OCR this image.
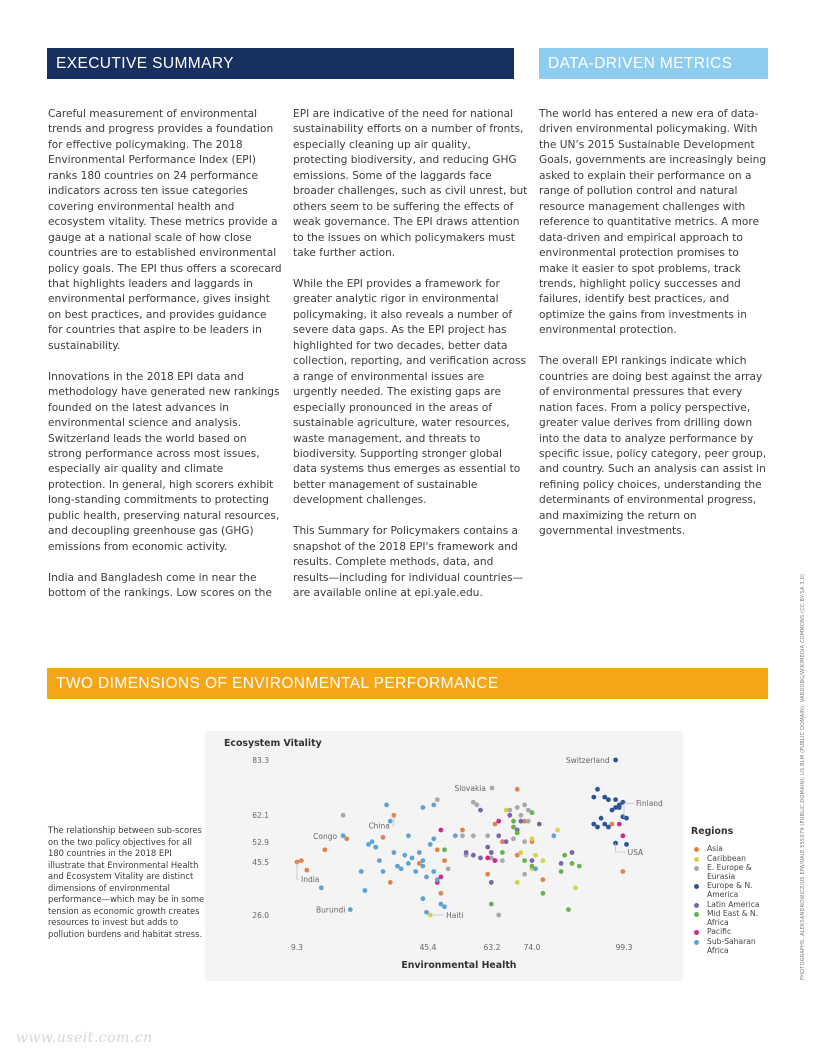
EXECUTIVE SUMMARY	DATA-DRIVEN METRICS

Careful measurement of environmental trends and progress provides a foundation for effective policymaking. The 2018 Environmental Performance Index (EPI) ranks 180 countries on 24 performance indicators across ten issue categories covering environmental health and ecosystem vitality. These metrics provide a gauge at a national scale of how close countries are to established environmental policy goals. The EPI thus offers a scorecard that highlights leaders and laggards in environmental performance, gives insight on best practices, and provides guidance for countries that aspire to be leaders in sustainability.

Innovations in the 2018 EPI data and methodology have generated new rankings founded on the latest advances in environmental science and analysis. Switzerland leads the world based on strong performance across most issues, especially air quality and climate protection. In general, high scorers exhibit long-standing commitments to protecting public health, preserving natural resources, and decoupling greenhouse gas (GHG) emissions from economic activity.

India and Bangladesh come in near the bottom of the rankings. Low scores on the

EPI are indicative of the need for national sustainability efforts on a number of fronts, especially cleaning up air quality, protecting biodiversity, and reducing GHG emissions. Some of the laggards face broader challenges, such as civil unrest, but others seem to be suffering the effects of weak governance. The EPI draws attention to the issues on which policymakers must take further action.

While the EPI provides a framework for greater analytic rigor in environmental policymaking, it also reveals a number of severe data gaps. As the EPI project has highlighted for two decades, better data collection, reporting, and verification across a range of environmental issues are urgently needed. The existing gaps are especially pronounced in the areas of sustainable agriculture, water resources, waste management, and threats to biodiversity. Supporting stronger global data systems thus emerges as essential to better management of sustainable development challenges.

This Summary for Policymakers contains a snapshot of the 2018 EPI's framework and results. Complete methods, data, and results—including for individual countries—are available online at epi.yale.edu.

The world has entered a new era of data-driven environmental policymaking. With the UN’s 2015 Sustainable Development Goals, governments are increasingly being asked to explain their performance on a range of pollution control and natural resource management challenges with reference to quantitative metrics. A more data-driven and empirical approach to environmental protection promises to make it easier to spot problems, track trends, highlight policy successes and failures, identify best practices, and optimize the gains from investments in environmental protection.

The overall EPI rankings indicate which countries are doing best against the array of environmental pressures that every nation faces. From a policy perspective, greater value derives from drilling down into the data to analyze performance by specific issue, policy category, peer group, and country. Such an analysis can assist in refining policy choices, understanding the determinants of environmental progress, and maximizing the return on governmental investments.

TWO DIMENSIONS OF ENVIRONMENTAL PERFORMANCE
The relationship between sub-scores on the two policy objectives for all 180 countries in the 2018 EPI illustrate that Environmental Health and Ecosystem Vitality are distinct dimensions of environmental performance—which may be in some tension as economic growth creates resources to invest but adds to pollution burdens and habitat stress.
Ecosystem Vitality
Environmental Health
83.3
62.1
52.9
45.5
26.0
9.3	45.4	63.2	74.0	99.3
Switzerland
Slovakia
Finland
USA
China
Congo
India
Burundi
Haiti
Regions
Asia
Caribbean
E. Europe & Eurasia
Europe & N. America
Latin America
Mid East & N. Africa
Pacific
Sub-Saharan Africa	PHOTOGRAPHS: ALEKSANDROWICZ/US EPA/NAID 555079 (PUBLIC DOMAIN); US BLM (PUBLIC DOMAIN); VARDOBG/WIKIMEDIA COMMONS (CC BY-SA 3.0)
www.useit.com.cn
